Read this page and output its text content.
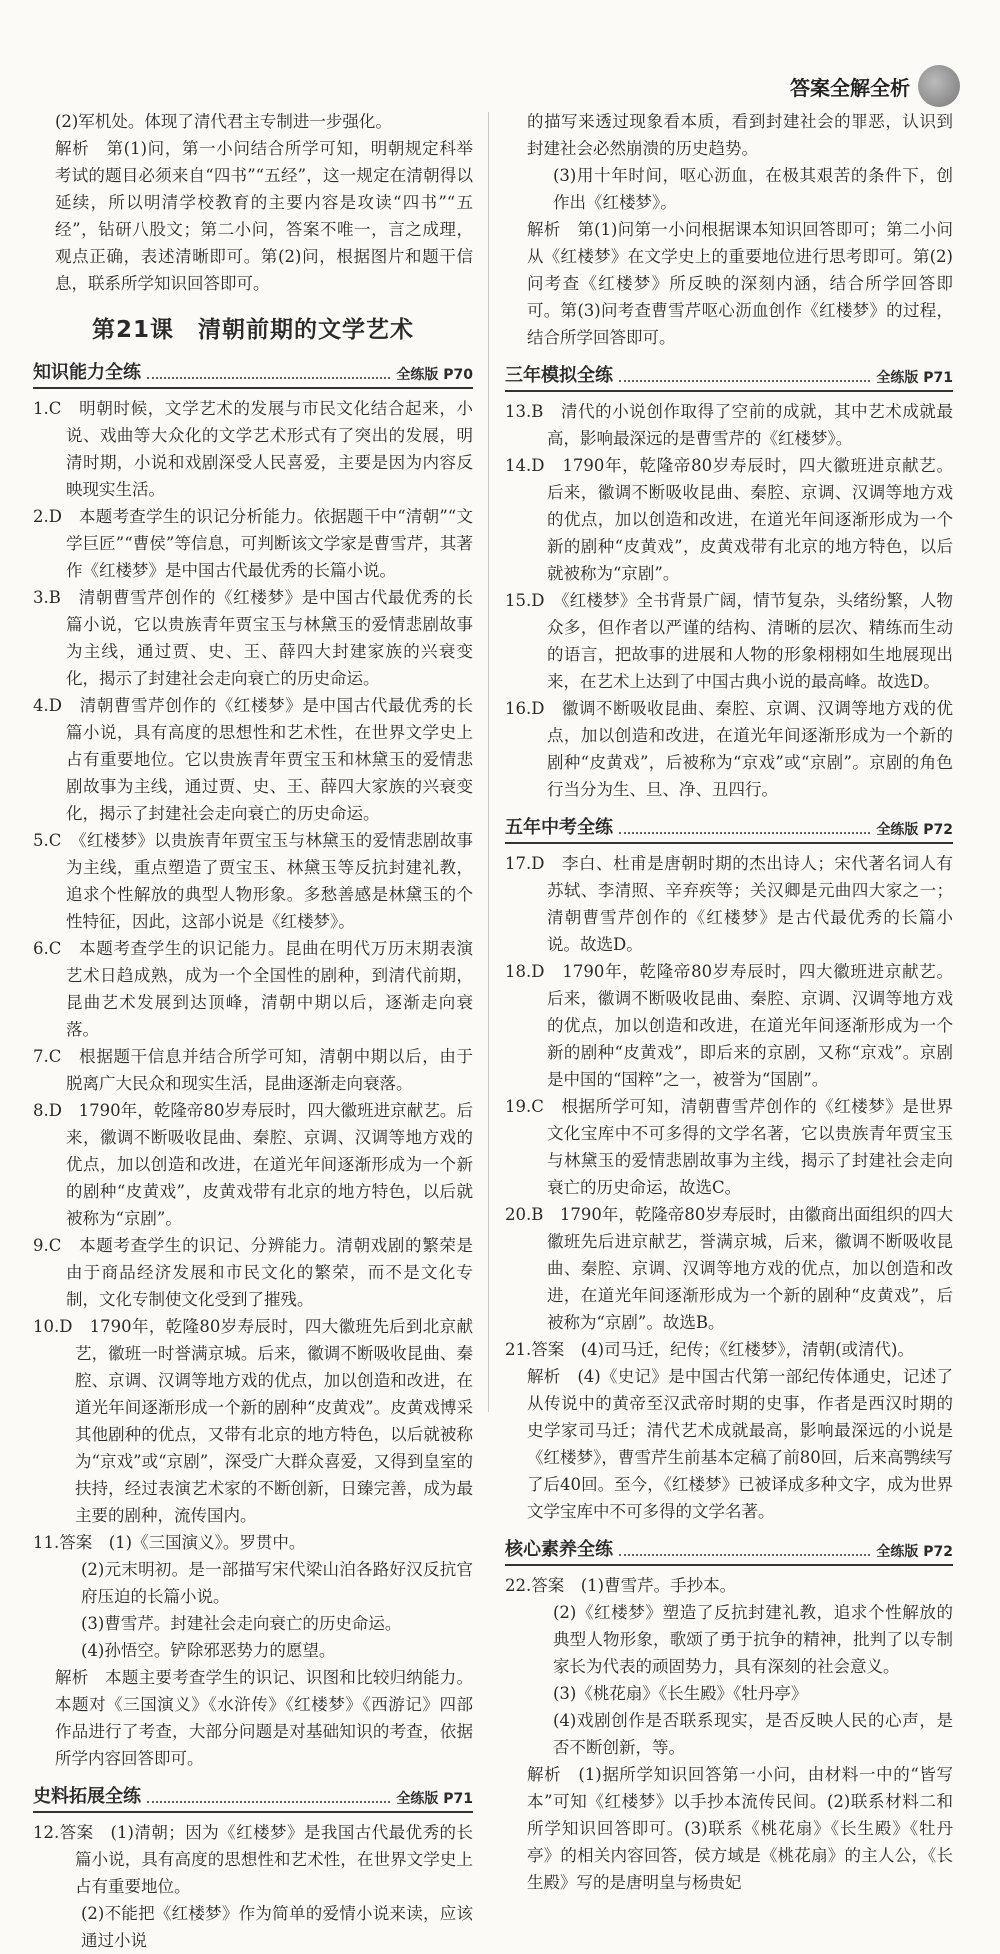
答案全解全析

(2)军机处。体现了清代君主专制进一步强化。

解析　第(1)问，第一小问结合所学可知，明朝规定科举考试的题目必须来自“四书”“五经”，这一规定在清朝得以延续，所以明清学校教育的主要内容是攻读“四书”“五经”，钻研八股文；第二小问，答案不唯一，言之成理，观点正确，表述清晰即可。第(2)问，根据图片和题干信息，联系所学知识回答即可。

第21课　清朝前期的文学艺术
知识能力全练	全练版 P70

1.C　明朝时候，文学艺术的发展与市民文化结合起来，小说、戏曲等大众化的文学艺术形式有了突出的发展，明清时期，小说和戏剧深受人民喜爱，主要是因为内容反映现实生活。

2.D　本题考查学生的识记分析能力。依据题干中“清朝”“文学巨匠”“曹侯”等信息，可判断该文学家是曹雪芹，其著作《红楼梦》是中国古代最优秀的长篇小说。

3.B　清朝曹雪芹创作的《红楼梦》是中国古代最优秀的长篇小说，它以贵族青年贾宝玉与林黛玉的爱情悲剧故事为主线，通过贾、史、王、薛四大封建家族的兴衰变化，揭示了封建社会走向衰亡的历史命运。

4.D　清朝曹雪芹创作的《红楼梦》是中国古代最优秀的长篇小说，具有高度的思想性和艺术性，在世界文学史上占有重要地位。它以贵族青年贾宝玉和林黛玉的爱情悲剧故事为主线，通过贾、史、王、薛四大家族的兴衰变化，揭示了封建社会走向衰亡的历史命运。

5.C　《红楼梦》以贵族青年贾宝玉与林黛玉的爱情悲剧故事为主线，重点塑造了贾宝玉、林黛玉等反抗封建礼教，追求个性解放的典型人物形象。多愁善感是林黛玉的个性特征，因此，这部小说是《红楼梦》。

6.C　本题考查学生的识记能力。昆曲在明代万历末期表演艺术日趋成熟，成为一个全国性的剧种，到清代前期，昆曲艺术发展到达顶峰，清朝中期以后，逐渐走向衰落。

7.C　根据题干信息并结合所学可知，清朝中期以后，由于脱离广大民众和现实生活，昆曲逐渐走向衰落。

8.D　1790年，乾隆帝80岁寿辰时，四大徽班进京献艺。后来，徽调不断吸收昆曲、秦腔、京调、汉调等地方戏的优点，加以创造和改进，在道光年间逐渐形成为一个新的剧种“皮黄戏”，皮黄戏带有北京的地方特色，以后就被称为“京剧”。

9.C　本题考查学生的识记、分辨能力。清朝戏剧的繁荣是由于商品经济发展和市民文化的繁荣，而不是文化专制，文化专制使文化受到了摧残。

10.D　1790年，乾隆80岁寿辰时，四大徽班先后到北京献艺，徽班一时誉满京城。后来，徽调不断吸收昆曲、秦腔、京调、汉调等地方戏的优点，加以创造和改进，在道光年间逐渐形成一个新的剧种“皮黄戏”。皮黄戏博采其他剧种的优点，又带有北京的地方特色，以后就被称为“京戏”或“京剧”，深受广大群众喜爱，又得到皇室的扶持，经过表演艺术家的不断创新，日臻完善，成为最主要的剧种，流传国内。

11.答案　(1)《三国演义》。罗贯中。

(2)元末明初。是一部描写宋代梁山泊各路好汉反抗官府压迫的长篇小说。

(3)曹雪芹。封建社会走向衰亡的历史命运。

(4)孙悟空。铲除邪恶势力的愿望。

解析　本题主要考查学生的识记、识图和比较归纳能力。本题对《三国演义》《水浒传》《红楼梦》《西游记》四部作品进行了考查，大部分问题是对基础知识的考查，依据所学内容回答即可。

史料拓展全练	全练版 P71

12.答案　(1)清朝；因为《红楼梦》是我国古代最优秀的长篇小说，具有高度的思想性和艺术性，在世界文学史上占有重要地位。

(2)不能把《红楼梦》作为简单的爱情小说来读，应该通过小说

的描写来透过现象看本质，看到封建社会的罪恶，认识到封建社会必然崩溃的历史趋势。

(3)用十年时间，呕心沥血，在极其艰苦的条件下，创作出《红楼梦》。

解析　第(1)问第一小问根据课本知识回答即可；第二小问从《红楼梦》在文学史上的重要地位进行思考即可。第(2)问考查《红楼梦》所反映的深刻内涵，结合所学回答即可。第(3)问考查曹雪芹呕心沥血创作《红楼梦》的过程，结合所学回答即可。

三年模拟全练	全练版 P71

13.B　清代的小说创作取得了空前的成就，其中艺术成就最高，影响最深远的是曹雪芹的《红楼梦》。

14.D　1790年，乾隆帝80岁寿辰时，四大徽班进京献艺。后来，徽调不断吸收昆曲、秦腔、京调、汉调等地方戏的优点，加以创造和改进，在道光年间逐渐形成为一个新的剧种“皮黄戏”，皮黄戏带有北京的地方特色，以后就被称为“京剧”。

15.D　《红楼梦》全书背景广阔，情节复杂，头绪纷繁，人物众多，但作者以严谨的结构、清晰的层次、精练而生动的语言，把故事的进展和人物的形象栩栩如生地展现出来，在艺术上达到了中国古典小说的最高峰。故选D。

16.D　徽调不断吸收昆曲、秦腔、京调、汉调等地方戏的优点，加以创造和改进，在道光年间逐渐形成为一个新的剧种“皮黄戏”，后被称为“京戏”或“京剧”。京剧的角色行当分为生、旦、净、丑四行。

五年中考全练	全练版 P72

17.D　李白、杜甫是唐朝时期的杰出诗人；宋代著名词人有苏轼、李清照、辛弃疾等；关汉卿是元曲四大家之一；清朝曹雪芹创作的《红楼梦》是古代最优秀的长篇小说。故选D。

18.D　1790年，乾隆帝80岁寿辰时，四大徽班进京献艺。后来，徽调不断吸收昆曲、秦腔、京调、汉调等地方戏的优点，加以创造和改进，在道光年间逐渐形成为一个新的剧种“皮黄戏”，即后来的京剧，又称“京戏”。京剧是中国的“国粹”之一，被誉为“国剧”。

19.C　根据所学可知，清朝曹雪芹创作的《红楼梦》是世界文化宝库中不可多得的文学名著，它以贵族青年贾宝玉与林黛玉的爱情悲剧故事为主线，揭示了封建社会走向衰亡的历史命运，故选C。

20.B　1790年，乾隆帝80岁寿辰时，由徽商出面组织的四大徽班先后进京献艺，誉满京城，后来，徽调不断吸收昆曲、秦腔、京调、汉调等地方戏的优点，加以创造和改进，在道光年间逐渐形成为一个新的剧种“皮黄戏”，后被称为“京剧”。故选B。

21.答案　(4)司马迁，纪传；《红楼梦》，清朝(或清代)。

解析　(4)《史记》是中国古代第一部纪传体通史，记述了从传说中的黄帝至汉武帝时期的史事，作者是西汉时期的史学家司马迁；清代艺术成就最高，影响最深远的小说是《红楼梦》，曹雪芹生前基本定稿了前80回，后来高鹗续写了后40回。至今，《红楼梦》已被译成多种文字，成为世界文学宝库中不可多得的文学名著。

核心素养全练	全练版 P72

22.答案　(1)曹雪芹。手抄本。

(2)《红楼梦》塑造了反抗封建礼教，追求个性解放的典型人物形象，歌颂了勇于抗争的精神，批判了以专制家长为代表的顽固势力，具有深刻的社会意义。

(3)《桃花扇》《长生殿》《牡丹亭》

(4)戏剧创作是否联系现实，是否反映人民的心声，是否不断创新，等。

解析　(1)据所学知识回答第一小问，由材料一中的“皆写本”可知《红楼梦》以手抄本流传民间。(2)联系材料二和所学知识回答即可。(3)联系《桃花扇》《长生殿》《牡丹亭》的相关内容回答，侯方域是《桃花扇》的主人公，《长生殿》写的是唐明皇与杨贵妃
